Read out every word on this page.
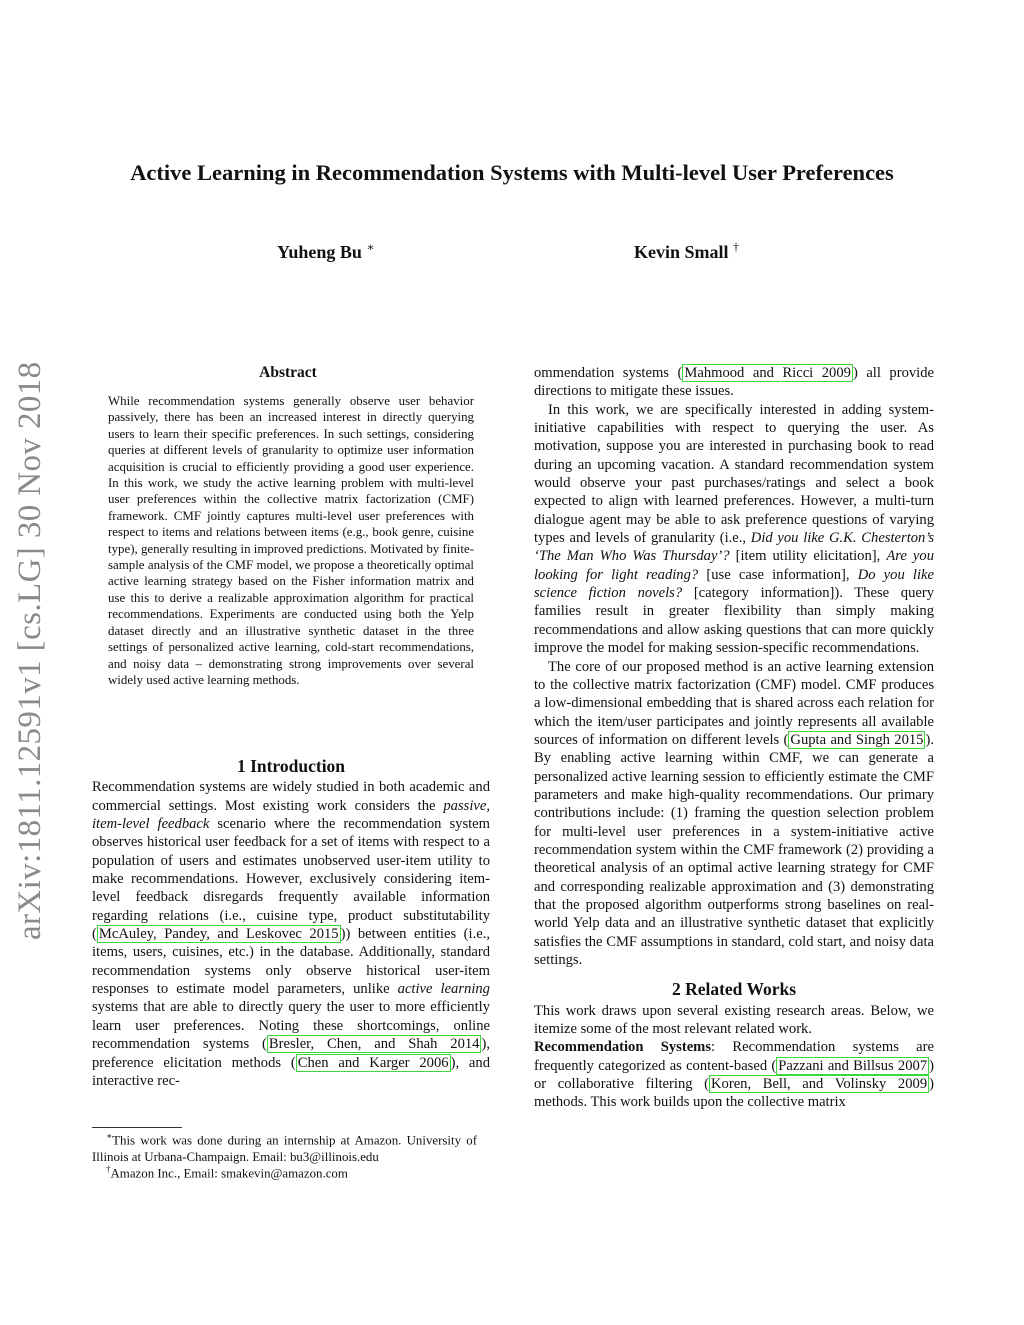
arXiv:1811.12591v1 [cs.LG] 30 Nov 2018
Active Learning in Recommendation Systems with Multi-level User Preferences
Yuheng Bu ∗	Kevin Small †
Abstract
While recommendation systems generally observe user behavior passively, there has been an increased interest in directly querying users to learn their specific preferences. In such settings, considering queries at different levels of granularity to optimize user information acquisition is crucial to efficiently providing a good user experience. In this work, we study the active learning problem with multi-level user preferences within the collective matrix factorization (CMF) framework. CMF jointly captures multi-level user preferences with respect to items and relations between items (e.g., book genre, cuisine type), generally resulting in improved predictions. Motivated by finite-sample analysis of the CMF model, we propose a theoretically optimal active learning strategy based on the Fisher information matrix and use this to derive a realizable approximation algorithm for practical recommendations. Experiments are conducted using both the Yelp dataset directly and an illustrative synthetic dataset in the three settings of personalized active learning, cold-start recommendations, and noisy data – demonstrating strong improvements over several widely used active learning methods.
1 Introduction

Recommendation systems are widely studied in both academic and commercial settings. Most existing work considers the passive, item-level feedback scenario where the recommendation system observes historical user feedback for a set of items with respect to a population of users and estimates unobserved user-item utility to make recommendations. However, exclusively considering item-level feedback disregards frequently available information regarding relations (i.e., cuisine type, product substitutability ( McAuley, Pandey, and Leskovec 2015 )) between entities (i.e., items, users, cuisines, etc.) in the database. Additionally, standard recommendation systems only observe historical user-item responses to estimate model parameters, unlike active learning systems that are able to directly query the user to more efficiently learn user preferences. Noting these shortcomings, online recommendation systems ( Bresler, Chen, and Shah 2014 ), preference elicitation methods ( Chen and Karger 2006 ), and interactive rec-

∗This work was done during an internship at Amazon. University of Illinois at Urbana-Champaign. Email: bu3@illinois.edu
†Amazon Inc., Email: smakevin@amazon.com

ommendation systems ( Mahmood and Ricci 2009 ) all provide directions to mitigate these issues.

In this work, we are specifically interested in adding system-initiative capabilities with respect to querying the user. As motivation, suppose you are interested in purchasing book to read during an upcoming vacation. A standard recommendation system would observe your past purchases/ratings and select a book expected to align with learned preferences. However, a multi-turn dialogue agent may be able to ask preference questions of varying types and levels of granularity (i.e., Did you like G.K. Chesterton’s ‘The Man Who Was Thursday’? [item utility elicitation], Are you looking for light reading? [use case information], Do you like science fiction novels? [category information]). These query families result in greater flexibility than simply making recommendations and allow asking questions that can more quickly improve the model for making session-specific recommendations.

The core of our proposed method is an active learning extension to the collective matrix factorization (CMF) model. CMF produces a low-dimensional embedding that is shared across each relation for which the item/user participates and jointly represents all available sources of information on different levels ( Gupta and Singh 2015 ). By enabling active learning within CMF, we can generate a personalized active learning session to efficiently estimate the CMF parameters and make high-quality recommendations. Our primary contributions include: (1) framing the question selection problem for multi-level user preferences in a system-initiative active recommendation system within the CMF framework (2) providing a theoretical analysis of an optimal active learning strategy for CMF and corresponding realizable approximation and (3) demonstrating that the proposed algorithm outperforms strong baselines on real-world Yelp data and an illustrative synthetic dataset that explicitly satisfies the CMF assumptions in standard, cold start, and noisy data settings.

2 Related Works

This work draws upon several existing research areas. Below, we itemize some of the most relevant related work.

Recommendation Systems: Recommendation systems are frequently categorized as content-based ( Pazzani and Billsus 2007 ) or collaborative filtering ( Koren, Bell, and Volinsky 2009 ) methods. This work builds upon the collective matrix
